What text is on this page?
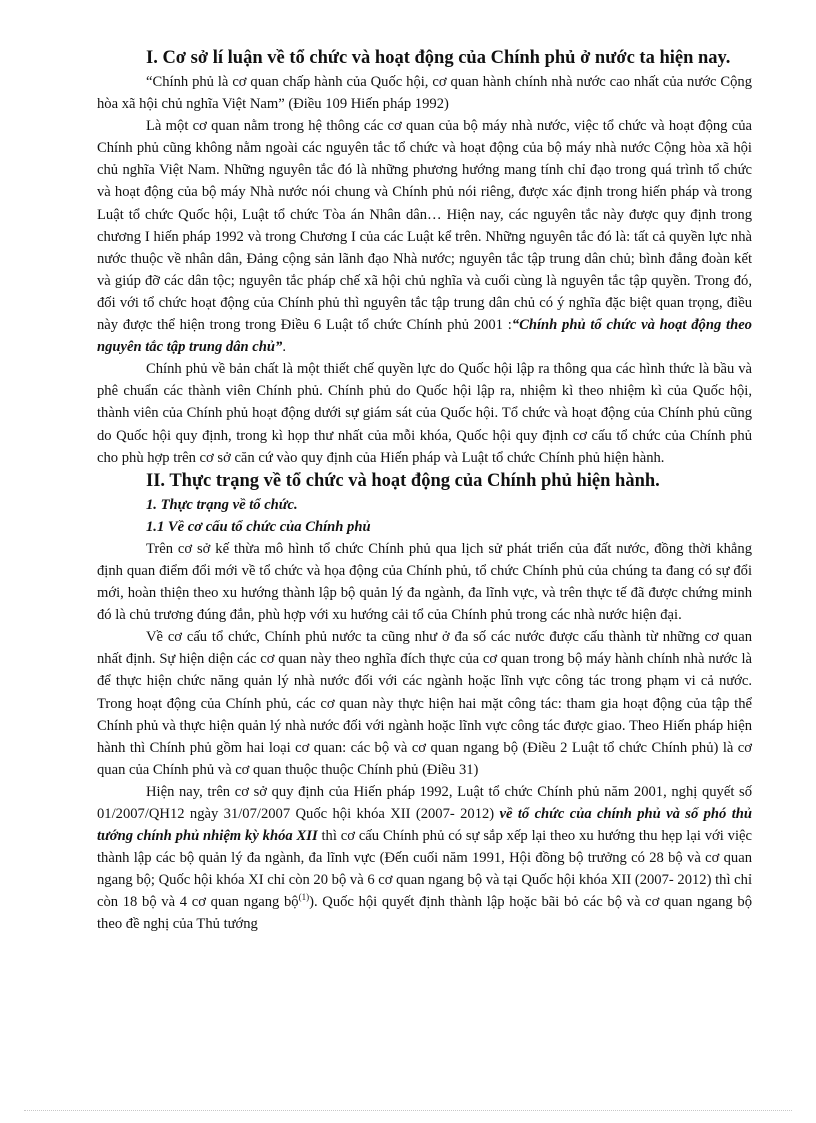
I. Cơ sở lí luận về tổ chức và hoạt động của Chính phủ ở nước ta hiện nay.

“Chính phủ là cơ quan chấp hành của Quốc hội, cơ quan hành chính nhà nước cao nhất của nước Cộng hòa xã hội chủ nghĩa Việt Nam” (Điều 109 Hiến pháp 1992)

Là một cơ quan nằm trong hệ thông các cơ quan của bộ máy nhà nước, việc tổ chức và hoạt động của Chính phủ cũng không nằm ngoài các nguyên tắc tổ chức và hoạt động của bộ máy nhà nước Cộng hòa xã hội chủ nghĩa Việt Nam. Những nguyên tắc đó là những phương hướng mang tính chỉ đạo trong quá trình tổ chức và hoạt động của bộ máy Nhà nước nói chung và Chính phủ nói riêng, được xác định trong hiến pháp và trong Luật tổ chức Quốc hội, Luật tổ chức Tòa án Nhân dân… Hiện nay, các nguyên tắc này được quy định trong chương I hiến pháp 1992 và trong Chương I của các Luật kể trên. Những nguyên tắc đó là: tất cả quyền lực nhà nước thuộc về nhân dân, Đảng cộng sản lãnh đạo Nhà nước; nguyên tắc tập trung dân chủ; bình đẳng đoàn kết và giúp đỡ các dân tộc; nguyên tắc pháp chế xã hội chủ nghĩa và cuối cùng là nguyên tắc tập quyền. Trong đó, đối với tổ chức hoạt động của Chính phủ thì nguyên tắc tập trung dân chủ có ý nghĩa đặc biệt quan trọng, điều này được thể hiện trong trong Điều 6 Luật tổ chức Chính phủ 2001 :“Chính phủ tổ chức và hoạt động theo nguyên tắc tập trung dân chủ”.

Chính phủ về bản chất là một thiết chế quyền lực do Quốc hội lập ra thông qua các hình thức là bầu và phê chuẩn các thành viên Chính phủ. Chính phủ do Quốc hội lập ra, nhiệm kì theo nhiệm kì của Quốc hội, thành viên của Chính phủ hoạt động dưới sự giám sát của Quốc hội. Tổ chức và hoạt động của Chính phủ cũng do Quốc hội quy định, trong kì họp thư nhất của mỗi khóa, Quốc hội quy định cơ cấu tổ chức của Chính phủ cho phù hợp trên cơ sở căn cứ vào quy định của Hiến pháp và Luật tổ chức Chính phủ hiện hành.

II. Thực trạng về tổ chức và hoạt động của Chính phủ hiện hành.
1. Thực trạng về tổ chức.
1.1 Về cơ cấu tổ chức của Chính phủ

Trên cơ sở kế thừa mô hình tổ chức Chính phủ qua lịch sử phát triển của đất nước, đồng thời khẳng định quan điểm đổi mới về tổ chức và họa động của Chính phủ, tổ chức Chính phủ của chúng ta đang có sự đổi mới, hoàn thiện theo xu hướng thành lập bộ quản lý đa ngành, đa lĩnh vực, và trên thực tế đã được chứng minh đó là chủ trương đúng đắn, phù hợp với xu hướng cải tổ của Chính phủ trong các nhà nước hiện đại.

Về cơ cấu tổ chức, Chính phủ nước ta cũng như ở đa số các nước được cấu thành từ những cơ quan nhất định. Sự hiện diện các cơ quan này theo nghĩa đích thực của cơ quan trong bộ máy hành chính nhà nước là để thực hiện chức năng quản lý nhà nước đối với các ngành hoặc lĩnh vực công tác trong phạm vi cả nước. Trong hoạt động của Chính phủ, các cơ quan này thực hiện hai mặt công tác: tham gia hoạt động của tập thể Chính phủ và thực hiện quản lý nhà nước đối với ngành hoặc lĩnh vực công tác được giao. Theo Hiến pháp hiện hành thì Chính phủ gồm hai loại cơ quan: các bộ và cơ quan ngang bộ (Điều 2 Luật tổ chức Chính phủ) là cơ quan của Chính phủ và cơ quan thuộc thuộc Chính phủ (Điều 31)

Hiện nay, trên cơ sở quy định của Hiến pháp 1992, Luật tổ chức Chính phủ năm 2001, nghị quyết số 01/2007/QH12 ngày 31/07/2007 Quốc hội khóa XII (2007- 2012) về tổ chức của chính phủ và số phó thủ tướng chính phủ nhiệm kỳ khóa XII thì cơ cấu Chính phủ có sự sắp xếp lại theo xu hướng thu hẹp lại với việc thành lập các bộ quản lý đa ngành, đa lĩnh vực (Đến cuối năm 1991, Hội đồng bộ trưởng có 28 bộ và cơ quan ngang bộ; Quốc hội khóa XI chỉ còn 20 bộ và 6 cơ quan ngang bộ và tại Quốc hội khóa XII (2007- 2012) thì chỉ còn 18 bộ và 4 cơ quan ngang bộ$^{(1)}$). Quốc hội quyết định thành lập hoặc bãi bỏ các bộ và cơ quan ngang bộ theo đề nghị của Thủ tướng
